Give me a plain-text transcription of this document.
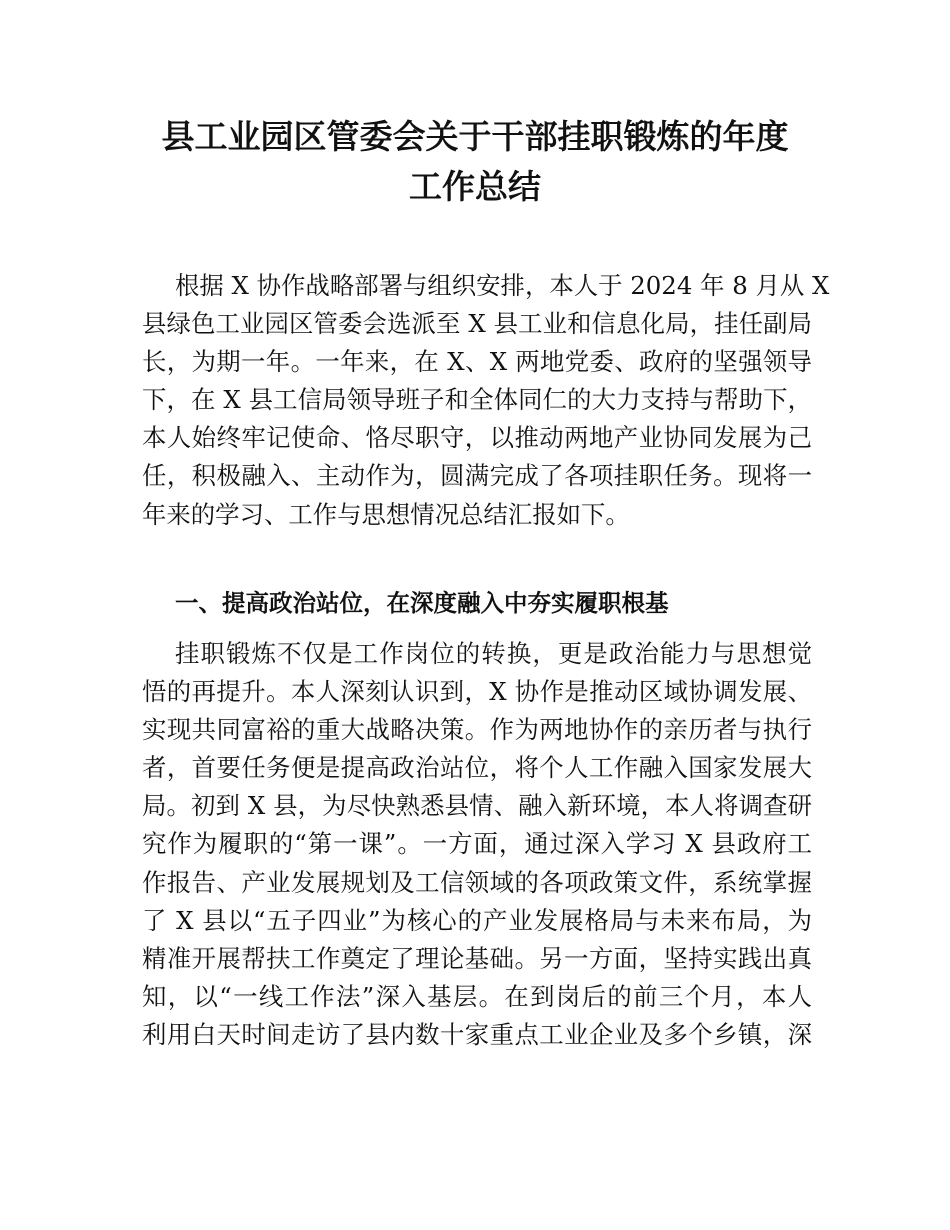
县工业园区管委会关于干部挂职锻炼的年度
工作总结
根据 X 协作战略部署与组织安排，本人于 2024 年 8 月从 X
县绿色工业园区管委会选派至 X 县工业和信息化局，挂任副局
长，为期一年。一年来，在 X、X 两地党委、政府的坚强领导
下，在 X 县工信局领导班子和全体同仁的大力支持与帮助下，
本人始终牢记使命、恪尽职守，以推动两地产业协同发展为己
任，积极融入、主动作为，圆满完成了各项挂职任务。现将一
年来的学习、工作与思想情况总结汇报如下。
一、提高政治站位，在深度融入中夯实履职根基
挂职锻炼不仅是工作岗位的转换，更是政治能力与思想觉
悟的再提升。本人深刻认识到，X 协作是推动区域协调发展、
实现共同富裕的重大战略决策。作为两地协作的亲历者与执行
者，首要任务便是提高政治站位，将个人工作融入国家发展大
局。初到 X 县，为尽快熟悉县情、融入新环境，本人将调查研
究作为履职的“第一课”。一方面，通过深入学习 X 县政府工
作报告、产业发展规划及工信领域的各项政策文件，系统掌握
了 X 县以“五子四业”为核心的产业发展格局与未来布局，为
精准开展帮扶工作奠定了理论基础。另一方面，坚持实践出真
知，以“一线工作法”深入基层。在到岗后的前三个月，本人
利用白天时间走访了县内数十家重点工业企业及多个乡镇，深
